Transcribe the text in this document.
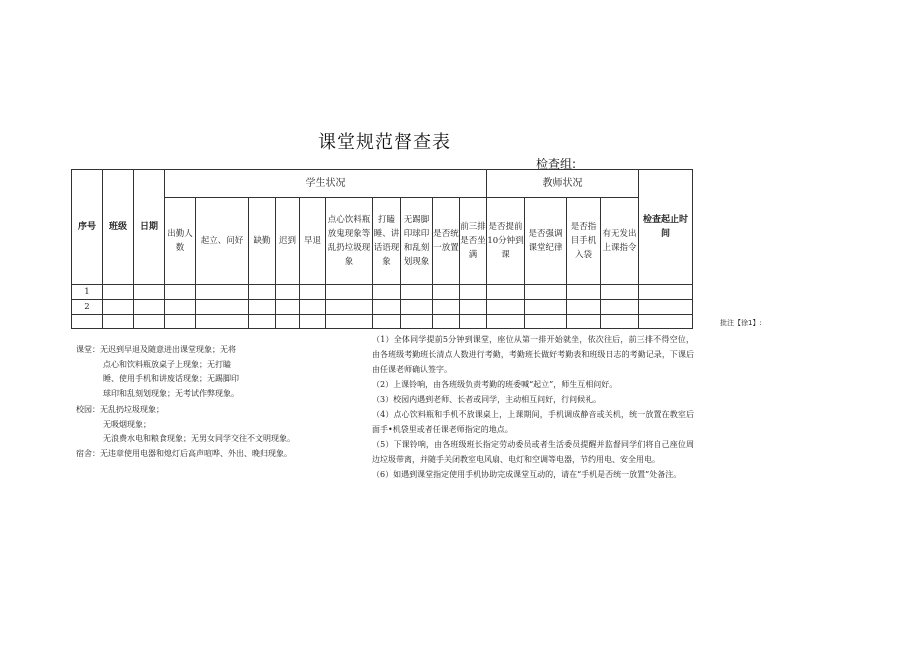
课堂规范督查表
检查组:
序号	班级	日期	学生状况										教师状况				检查起止时间
			出勤人数	起立、问好	缺勤	迟到	早退	点心饮料瓶放鬼现象等乱扔垃圾现象	打瞌睡、讲话语现象	无踢脚印球印和乱刻划现象	是否统一放置	前三排是否坐满	是否提前10分钟到课	是否强调课堂纪律	是否指目手机入袋	有无发出上课指令	
1																	
2																	

批注【徐1】:
课堂：无迟到早退及随意进出课堂现象；无将
点心和饮料瓶放桌子上现象；无打瞌
睡、使用手机和讲废话现象；无踢脚印
球印和乱刻划现象；无考试作弊现象。
校园：无乱扔垃圾现象；
无吸烟现象；
无浪费水电和粮食现象；无男女同学交往不文明现象。
宿舍：无违章使用电器和熄灯后高声喧哗、外出、晚归现象。

（1）全体同学提前5分钟到课堂，座位从第一排开始就坐，依次往后，前三排不得空位，由各班级考勤班长清点人数进行考勤，考勤班长做好考勤表和班级日志的考勤记录，下课后由任课老师确认签字。

（2）上课铃响，由各班级负责考勤的班委喊“起立”，师生互相问好。

（3）校园内遇到老师、长者或同学，主动相互问好，行问候礼。

（4）点心饮料瓶和手机不放课桌上，上课期间，手机调成静音或关机，统一放置在教室后面手•机袋里或者任课老师指定的地点。

（5）下课铃响，由各班级班长指定劳动委员或者生活委员提醒并监督同学们将自己座位周边垃圾带离，并随手关闭教室电风扇、电灯和空调等电器，节约用电、安全用电。

（6）如遇到课堂指定使用手机协助完成课堂互动的，请在“手机是否统一放置”处备注。
